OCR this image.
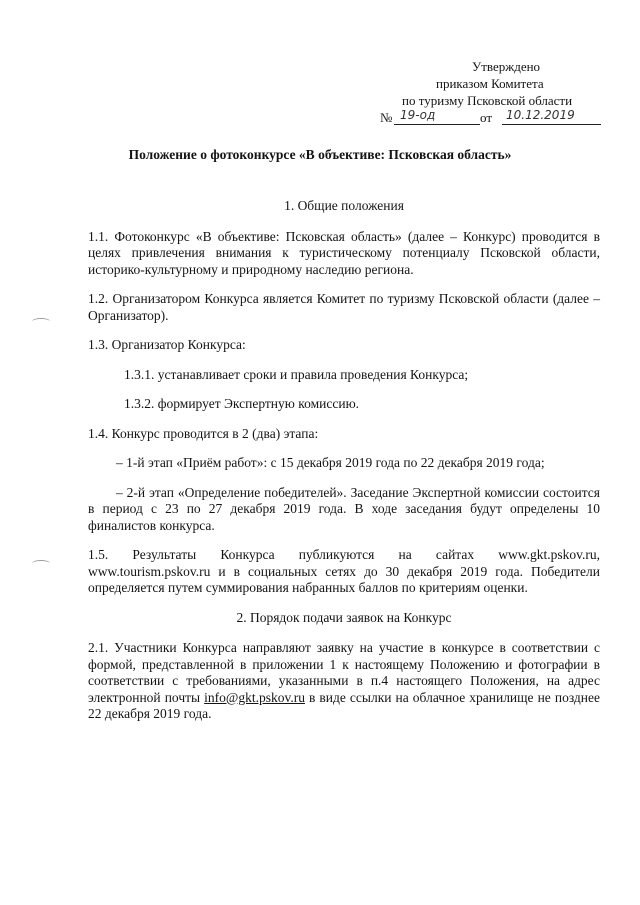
Утверждено
приказом Комитета
по туризму Псковской области
№ 19-од	от	10.12.2019
Положение о фотоконкурсе «В объективе: Псковская область»
1. Общие положения
1.1. Фотоконкурс «В объективе: Псковская область» (далее – Конкурс) проводится в целях привлечения внимания к туристическому потенциалу Псковской области, историко-культурному и природному наследию региона.
1.2. Организатором Конкурса является Комитет по туризму Псковской области (далее – Организатор).
1.3. Организатор Конкурса:
1.3.1. устанавливает сроки и правила проведения Конкурса;
1.3.2. формирует Экспертную комиссию.
1.4. Конкурс проводится в 2 (два) этапа:
– 1-й этап «Приём работ»: с 15 декабря 2019 года по 22 декабря 2019 года;
– 2-й этап «Определение победителей». Заседание Экспертной комиссии состоится в период с 23 по 27 декабря 2019 года. В ходе заседания будут определены 10 финалистов конкурса.
1.5. Результаты Конкурса публикуются на сайтах www.gkt.pskov.ru, www.tourism.pskov.ru и в социальных сетях до 30 декабря 2019 года. Победители определяется путем суммирования набранных баллов по критериям оценки.
2. Порядок подачи заявок на Конкурс
2.1. Участники Конкурса направляют заявку на участие в конкурсе в соответствии с формой, представленной в приложении 1 к настоящему Положению и фотографии в соответствии с требованиями, указанными в п.4 настоящего Положения, на адрес электронной почты info@gkt.pskov.ru в виде ссылки на облачное хранилище не позднее 22 декабря 2019 года.
